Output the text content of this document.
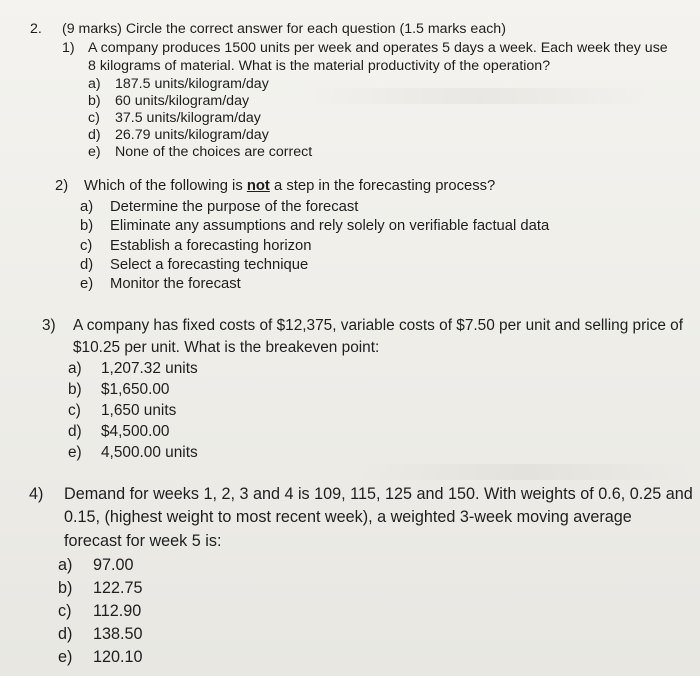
2. (9 marks) Circle the correct answer for each question (1.5 marks each)
1) A company produces 1500 units per week and operates 5 days a week. Each week they use
8 kilograms of material. What is the material productivity of the operation?
a) 187.5 units/kilogram/day
b) 60 units/kilogram/day
c) 37.5 units/kilogram/day
d) 26.79 units/kilogram/day
e) None of the choices are correct
2) Which of the following is not a step in the forecasting process?
a) Determine the purpose of the forecast
b) Eliminate any assumptions and rely solely on verifiable factual data
c) Establish a forecasting horizon
d) Select a forecasting technique
e) Monitor the forecast
3) A company has fixed costs of $12,375, variable costs of $7.50 per unit and selling price of
$10.25 per unit. What is the breakeven point:
a) 1,207.32 units
b) $1,650.00
c) 1,650 units
d) $4,500.00
e) 4,500.00 units
4) Demand for weeks 1, 2, 3 and 4 is 109, 115, 125 and 150. With weights of 0.6, 0.25 and
0.15, (highest weight to most recent week), a weighted 3-week moving average
forecast for week 5 is:
a) 97.00
b) 122.75
c) 112.90
d) 138.50
e) 120.10
